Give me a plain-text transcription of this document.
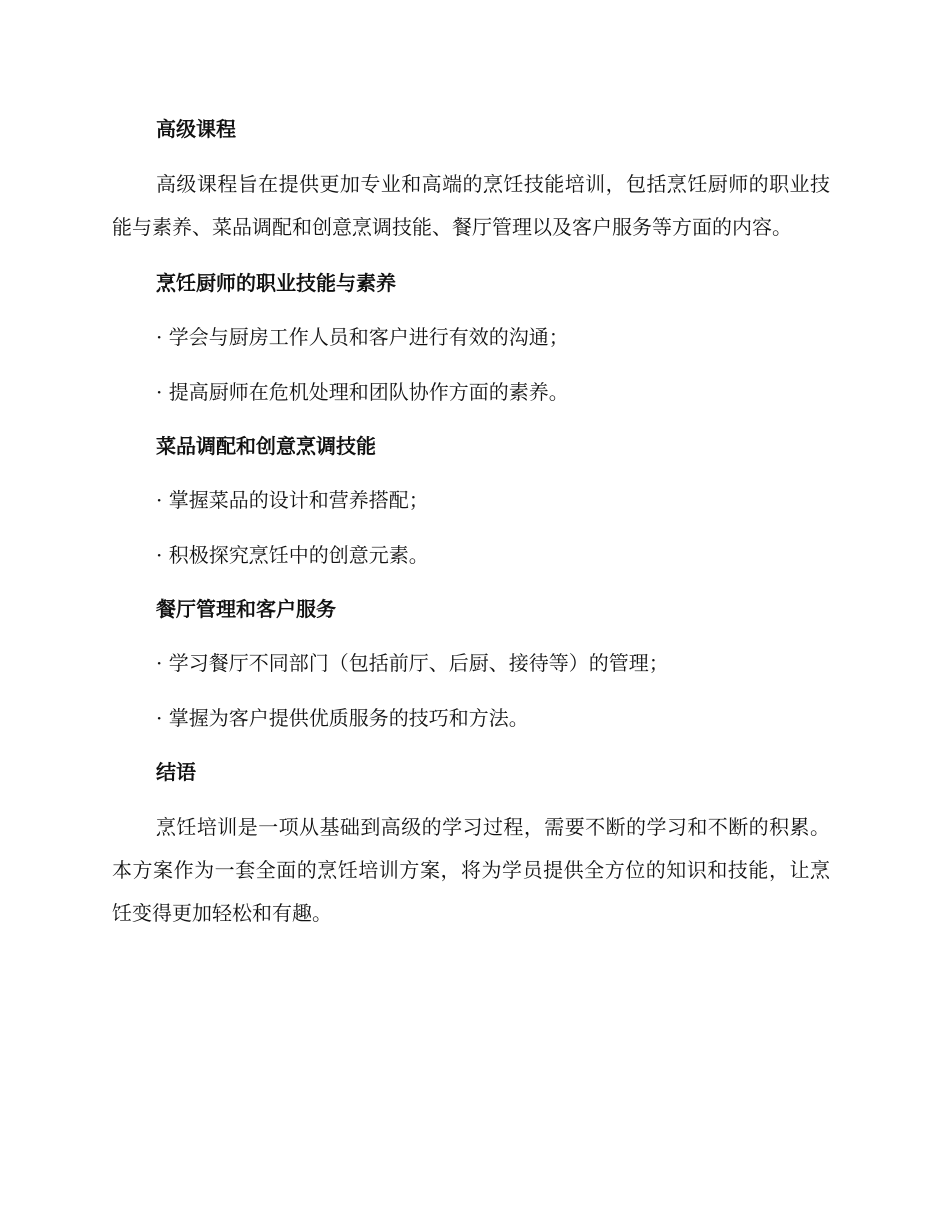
高级课程

高级课程旨在提供更加专业和高端的烹饪技能培训，包括烹饪厨师的职业技能与素养、菜品调配和创意烹调技能、餐厅管理以及客户服务等方面的内容。

烹饪厨师的职业技能与素养

· 学会与厨房工作人员和客户进行有效的沟通；

· 提高厨师在危机处理和团队协作方面的素养。

菜品调配和创意烹调技能

· 掌握菜品的设计和营养搭配；

· 积极探究烹饪中的创意元素。

餐厅管理和客户服务

· 学习餐厅不同部门（包括前厅、后厨、接待等）的管理；

· 掌握为客户提供优质服务的技巧和方法。

结语

烹饪培训是一项从基础到高级的学习过程，需要不断的学习和不断的积累。本方案作为一套全面的烹饪培训方案，将为学员提供全方位的知识和技能，让烹饪变得更加轻松和有趣。
